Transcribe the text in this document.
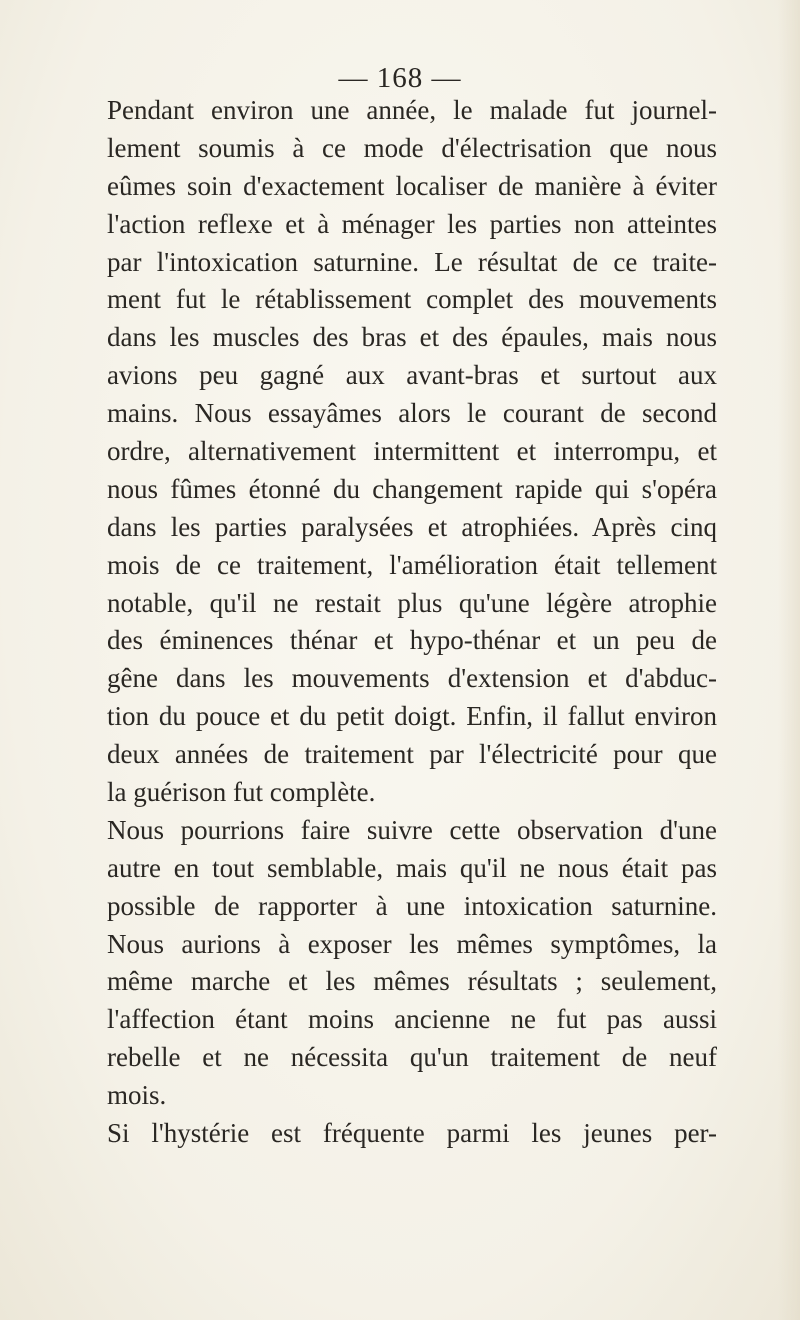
— 168 —
Pendant environ une année, le malade fut journel-
lement soumis à ce mode d'électrisation que nous
eûmes soin d'exactement localiser de manière à éviter
l'action reflexe et à ménager les parties non atteintes
par l'intoxication saturnine. Le résultat de ce traite-
ment fut le rétablissement complet des mouvements
dans les muscles des bras et des épaules, mais nous
avions peu gagné aux avant-bras et surtout aux
mains. Nous essayâmes alors le courant de second
ordre, alternativement intermittent et interrompu, et
nous fûmes étonné du changement rapide qui s'opéra
dans les parties paralysées et atrophiées. Après cinq
mois de ce traitement, l'amélioration était tellement
notable, qu'il ne restait plus qu'une légère atrophie
des éminences thénar et hypo-thénar et un peu de
gêne dans les mouvements d'extension et d'abduc-
tion du pouce et du petit doigt. Enfin, il fallut environ
deux années de traitement par l'électricité pour que
la guérison fut complète.
Nous pourrions faire suivre cette observation d'une
autre en tout semblable, mais qu'il ne nous était pas
possible de rapporter à une intoxication saturnine.
Nous aurions à exposer les mêmes symptômes, la
même marche et les mêmes résultats ; seulement,
l'affection étant moins ancienne ne fut pas aussi
rebelle et ne nécessita qu'un traitement de neuf
mois.
Si l'hystérie est fréquente parmi les jeunes per-
